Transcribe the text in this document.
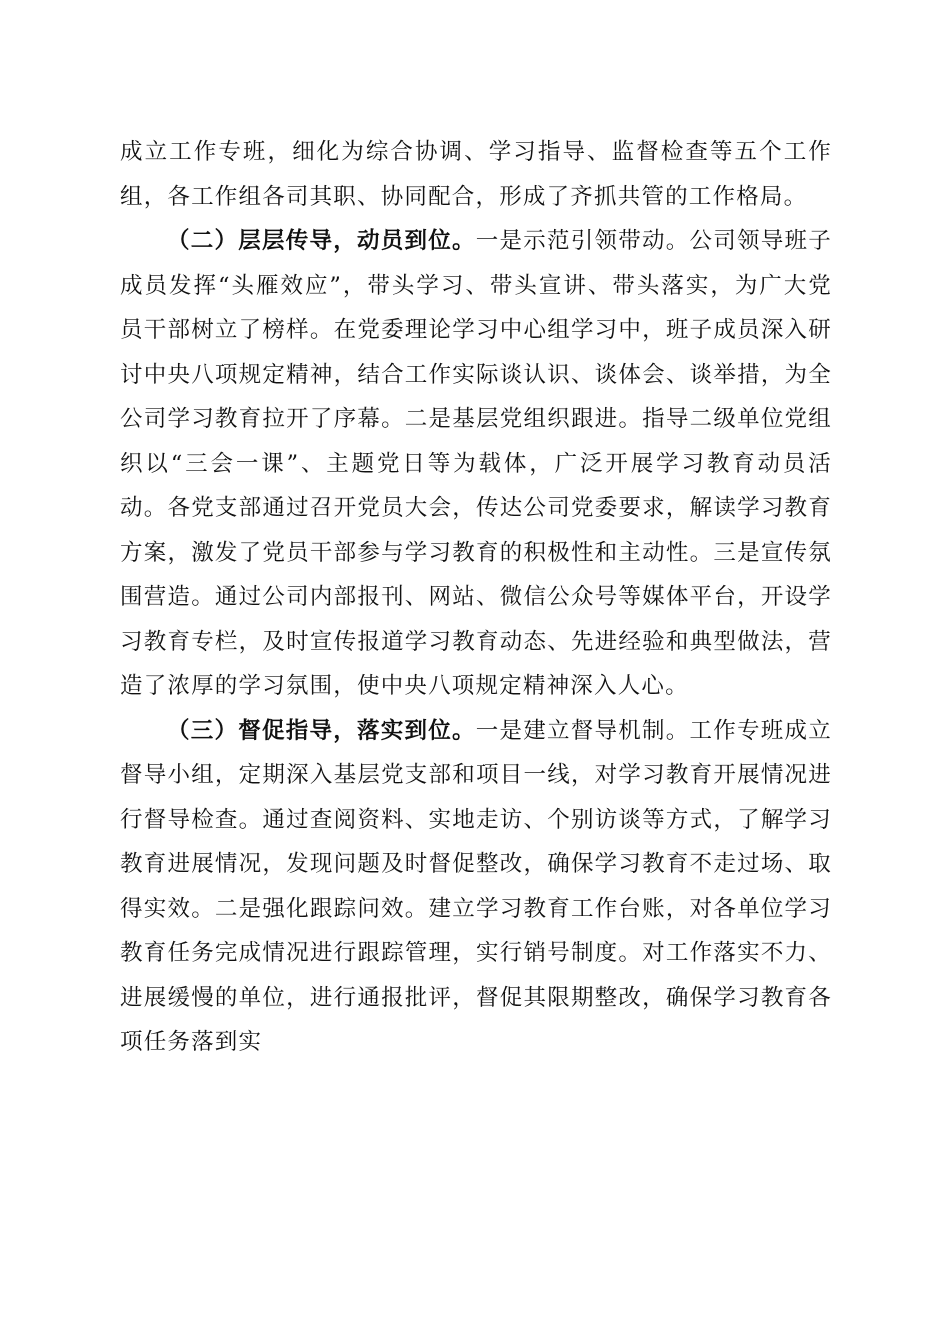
成立工作专班，细化为综合协调、学习指导、监督检查等五个工作组，各工作组各司其职、协同配合，形成了齐抓共管的工作格局。

（二）层层传导，动员到位。一是示范引领带动。公司领导班子成员发挥“头雁效应”，带头学习、带头宣讲、带头落实，为广大党员干部树立了榜样。在党委理论学习中心组学习中，班子成员深入研讨中央八项规定精神，结合工作实际谈认识、谈体会、谈举措，为全公司学习教育拉开了序幕。二是基层党组织跟进。指导二级单位党组织以“三会一课”、主题党日等为载体，广泛开展学习教育动员活动。各党支部通过召开党员大会，传达公司党委要求，解读学习教育方案，激发了党员干部参与学习教育的积极性和主动性。三是宣传氛围营造。通过公司内部报刊、网站、微信公众号等媒体平台，开设学习教育专栏，及时宣传报道学习教育动态、先进经验和典型做法，营造了浓厚的学习氛围，使中央八项规定精神深入人心。

（三）督促指导，落实到位。一是建立督导机制。工作专班成立督导小组，定期深入基层党支部和项目一线，对学习教育开展情况进行督导检查。通过查阅资料、实地走访、个别访谈等方式，了解学习教育进展情况，发现问题及时督促整改，确保学习教育不走过场、取得实效。二是强化跟踪问效。建立学习教育工作台账，对各单位学习教育任务完成情况进行跟踪管理，实行销号制度。对工作落实不力、进展缓慢的单位，进行通报批评，督促其限期整改，确保学习教育各项任务落到实
